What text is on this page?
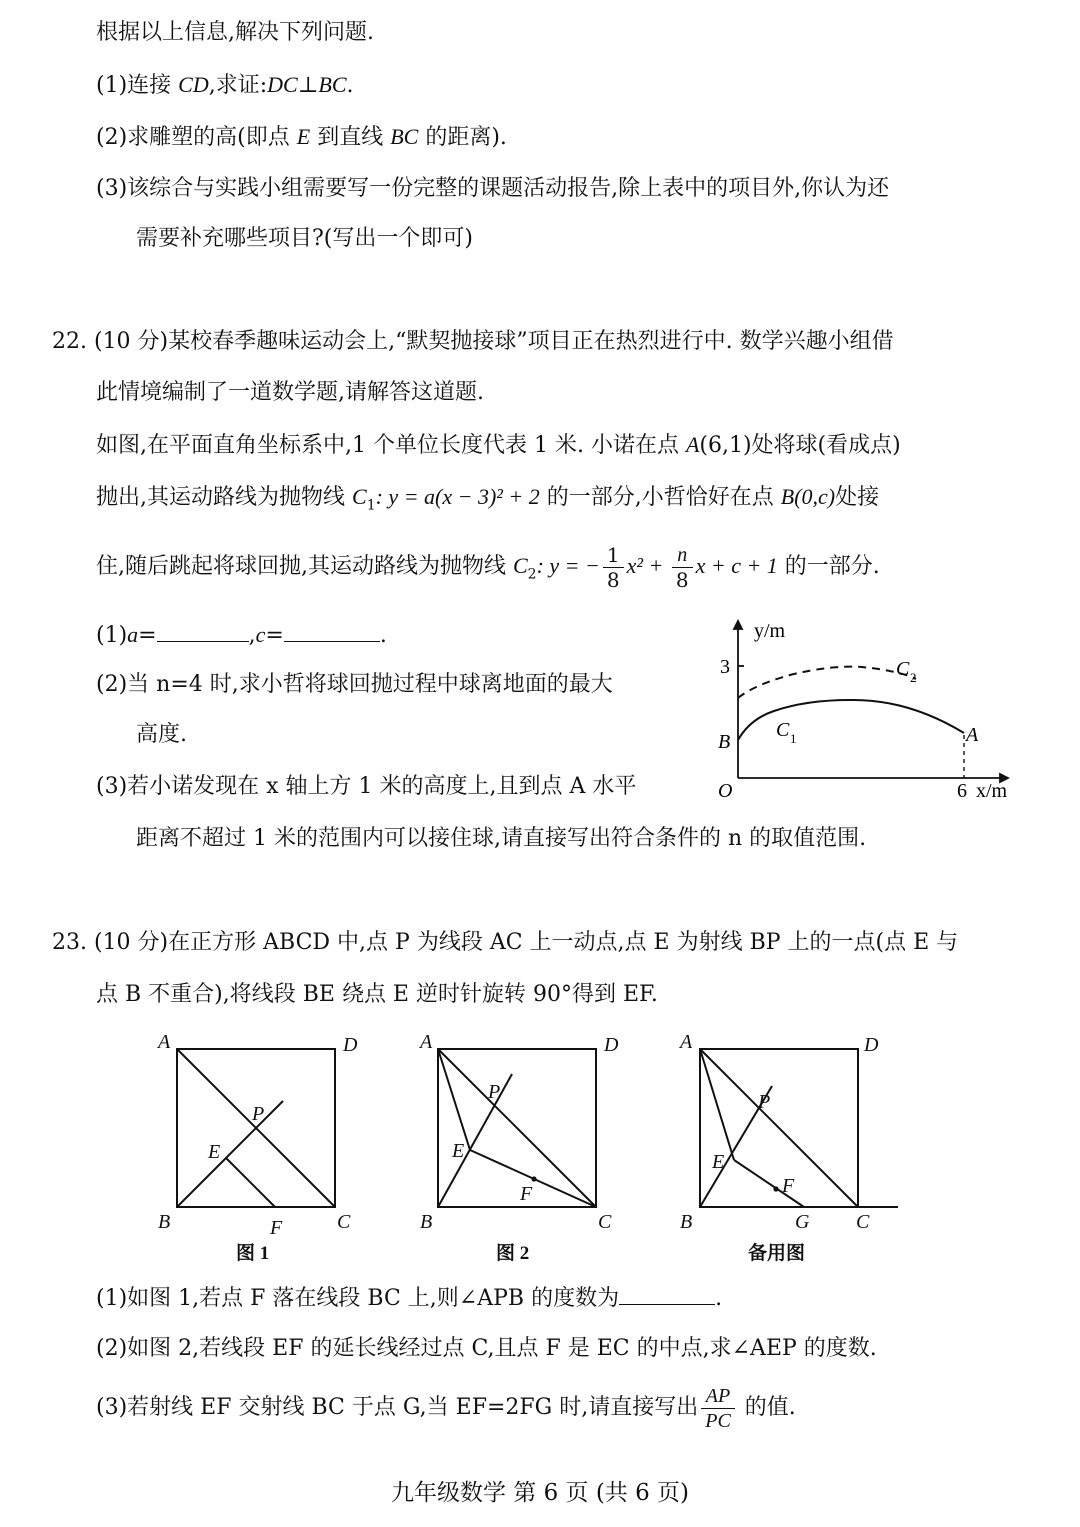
根据以上信息,解决下列问题.
(1)连接 CD,求证:DC⊥BC.
(2)求雕塑的高(即点 E 到直线 BC 的距离).
(3)该综合与实践小组需要写一份完整的课题活动报告,除上表中的项目外,你认为还
需要补充哪些项目?(写出一个即可)
22. (10 分)某校春季趣味运动会上,“默契抛接球”项目正在热烈进行中. 数学兴趣小组借
此情境编制了一道数学题,请解答这道题.
如图,在平面直角坐标系中,1 个单位长度代表 1 米. 小诺在点 A(6,1)处将球(看成点)
抛出,其运动路线为抛物线 $C_1$: y = a(x − 3)² + 2 的一部分,小哲恰好在点 B(0,c)处接
住,随后跳起将球回抛,其运动路线为抛物线 $C_2$: y = − $\frac{1}{8} x^2 + \frac{n}{8}$ x + c + 1 的一部分.
(1)a=	,c=	.
(2)当 n=4 时,求小哲将球回抛过程中球离地面的最大
高度.
(3)若小诺发现在 x 轴上方 1 米的高度上,且到点 A 水平
距离不超过 1 米的范围内可以接住球,请直接写出符合条件的 n 的取值范围.
y/m
x/m
3
6
O
B	A
C 1
C 2
23. (10 分)在正方形 ABCD 中,点 P 为线段 AC 上一动点,点 E 为射线 BP 上的一点(点 E 与
点 B 不重合),将线段 BE 绕点 E 逆时针旋转 90°得到 EF.
A	D
B	C
P
E
F
A	D
B	C
P
E
F
A	D
B	C
P
E
F
G
图 1	图 2	备用图
(1)如图 1,若点 F 落在线段 BC 上,则∠APB 的度数为	.
(2)如图 2,若线段 EF 的延长线经过点 C,且点 F 是 EC 的中点,求∠AEP 的度数.
(3)若射线 EF 交射线 BC 于点 G,当 EF=2FG 时,请直接写出 $\frac{AP}{PC}$ 的值.
九年级数学 第 6 页 (共 6 页)
